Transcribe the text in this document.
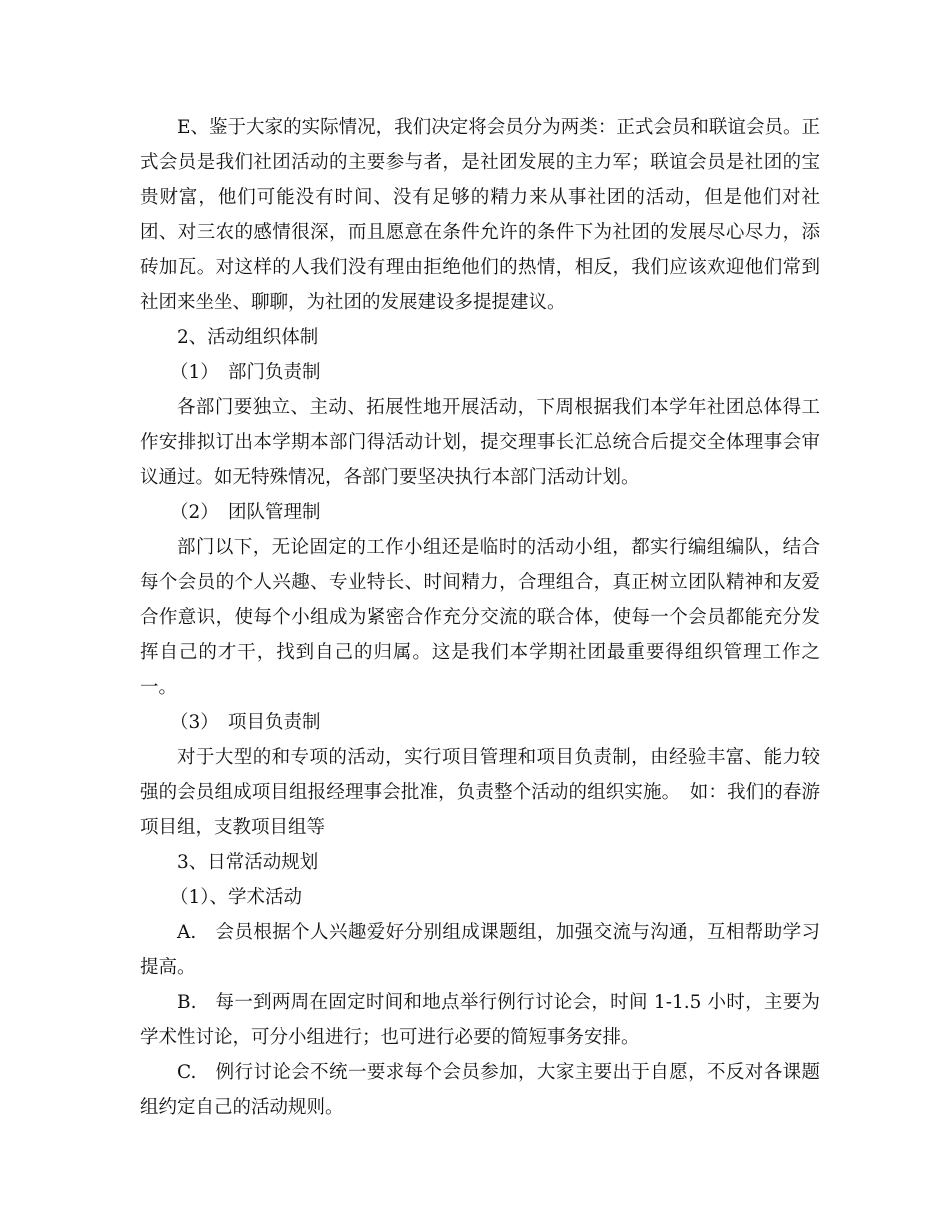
E、鉴于大家的实际情况，我们决定将会员分为两类：正式会员和联谊会员。正式会员是我们社团活动的主要参与者，是社团发展的主力军；联谊会员是社团的宝贵财富，他们可能没有时间、没有足够的精力来从事社团的活动，但是他们对社团、对三农的感情很深，而且愿意在条件允许的条件下为社团的发展尽心尽力，添砖加瓦。对这样的人我们没有理由拒绝他们的热情，相反，我们应该欢迎他们常到社团来坐坐、聊聊，为社团的发展建设多提提建议。

2、活动组织体制

（1）　部门负责制

各部门要独立、主动、拓展性地开展活动，下周根据我们本学年社团总体得工作安排拟订出本学期本部门得活动计划，提交理事长汇总统合后提交全体理事会审议通过。如无特殊情况，各部门要坚决执行本部门活动计划。

（2）　团队管理制

部门以下，无论固定的工作小组还是临时的活动小组，都实行编组编队，结合每个会员的个人兴趣、专业特长、时间精力，合理组合，真正树立团队精神和友爱合作意识，使每个小组成为紧密合作充分交流的联合体，使每一个会员都能充分发挥自己的才干，找到自己的归属。这是我们本学期社团最重要得组织管理工作之一。

（3）　项目负责制

对于大型的和专项的活动，实行项目管理和项目负责制，由经验丰富、能力较强的会员组成项目组报经理事会批准，负责整个活动的组织实施。　如：我们的春游项目组，支教项目组等

3、日常活动规划

（1）、学术活动

A.　会员根据个人兴趣爱好分别组成课题组，加强交流与沟通，互相帮助学习提高。

B.　每一到两周在固定时间和地点举行例行讨论会，时间 1-1.5 小时，主要为学术性讨论，可分小组进行；也可进行必要的简短事务安排。

C.　例行讨论会不统一要求每个会员参加，大家主要出于自愿，不反对各课题组约定自己的活动规则。
